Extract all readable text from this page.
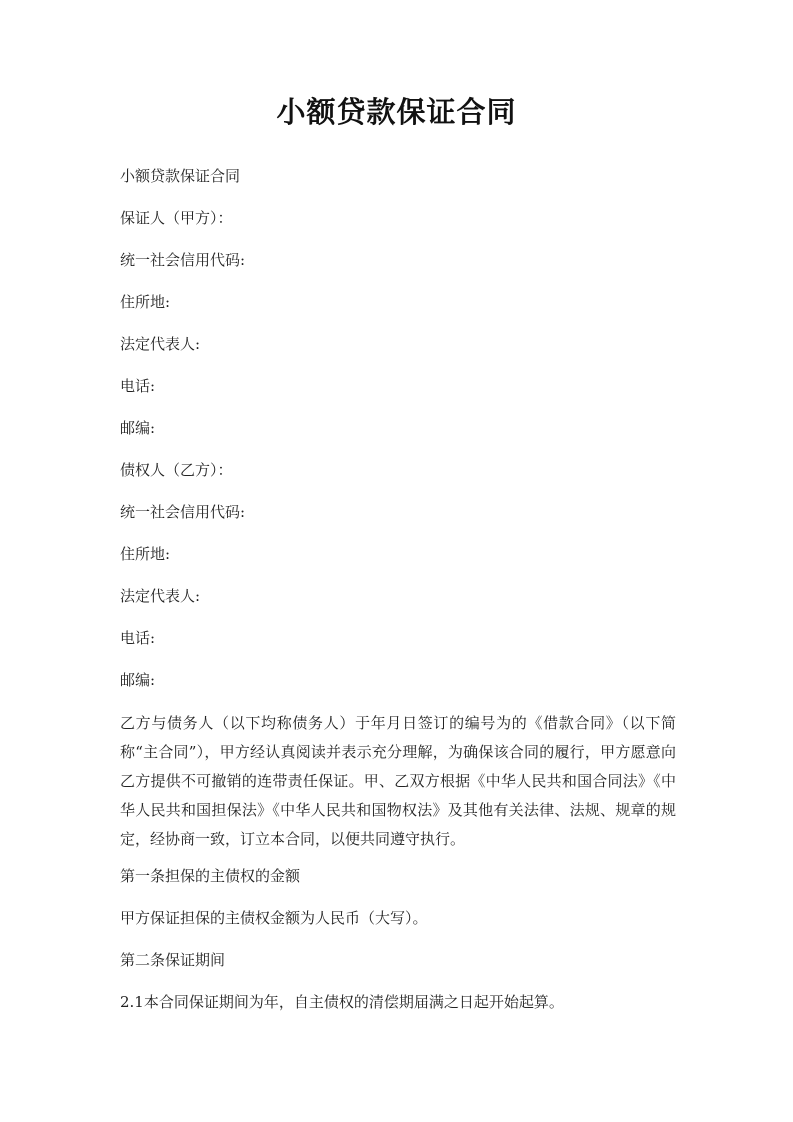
小额贷款保证合同
小额贷款保证合同
保证人（甲方）：
统一社会信用代码:
住所地:
法定代表人:
电话:
邮编:
债权人（乙方）：
统一社会信用代码:
住所地:
法定代表人:
电话:
邮编:
乙方与债务人（以下均称债务人）于年月日签订的编号为的《借款合同》（以下简称“主合同”），甲方经认真阅读并表示充分理解，为确保该合同的履行，甲方愿意向乙方提供不可撤销的连带责任保证。甲、乙双方根据《中华人民共和国合同法》《中华人民共和国担保法》《中华人民共和国物权法》及其他有关法律、法规、规章的规定，经协商一致，订立本合同，以便共同遵守执行。
第一条担保的主债权的金额
甲方保证担保的主债权金额为人民币（大写）。
第二条保证期间
2.1本合同保证期间为年，自主债权的清偿期届满之日起开始起算。
